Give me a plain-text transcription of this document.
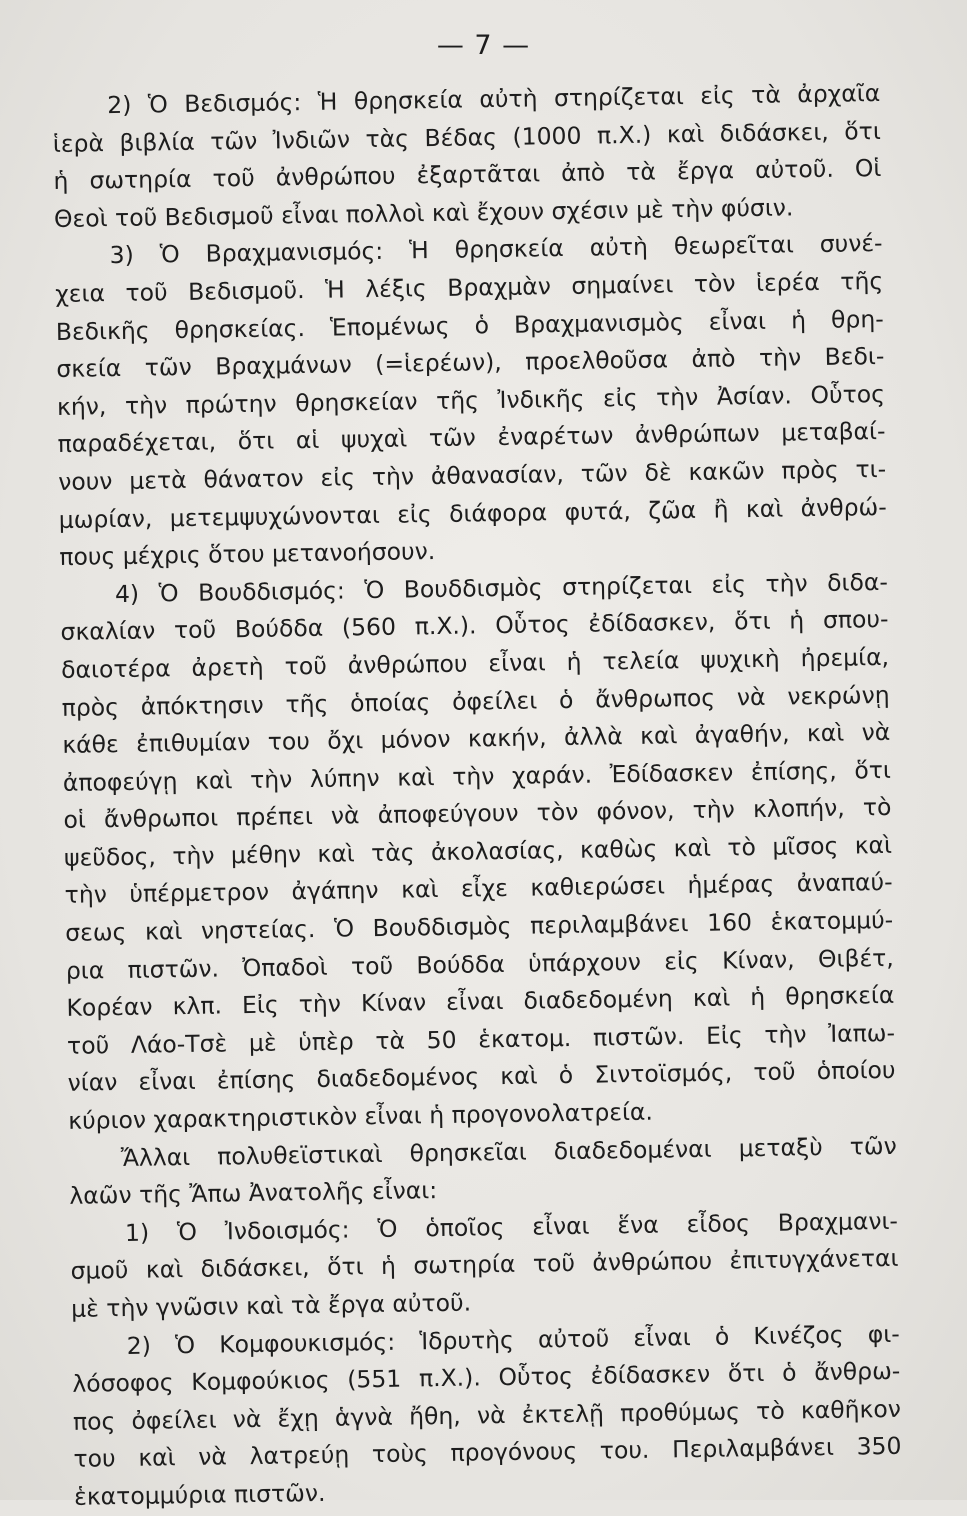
— 7 —
2) Ὁ Βεδισμός: Ἡ θρησκεία αὐτὴ στηρίζεται εἰς τὰ ἀρχαῖα
ἱερὰ βιβλία τῶν Ἰνδιῶν τὰς Βέδας (1000 π.Χ.) καὶ διδάσκει, ὅτι
ἡ σωτηρία τοῦ ἀνθρώπου ἐξαρτᾶται ἀπὸ τὰ ἔργα αὐτοῦ. Οἱ
Θεοὶ τοῦ Βεδισμοῦ εἶναι πολλοὶ καὶ ἔχουν σχέσιν μὲ τὴν φύσιν.
3) Ὁ Βραχμανισμός: Ἡ θρησκεία αὐτὴ θεωρεῖται συνέ-
χεια τοῦ Βεδισμοῦ. Ἡ λέξις Βραχμὰν σημαίνει τὸν ἱερέα τῆς
Βεδικῆς θρησκείας. Ἑπομένως ὁ Βραχμανισμὸς εἶναι ἡ θρη-
σκεία τῶν Βραχμάνων (=ἱερέων), προελθοῦσα ἀπὸ τὴν Βεδι-
κήν, τὴν πρώτην θρησκείαν τῆς Ἰνδικῆς εἰς τὴν Ἀσίαν. Οὗτος
παραδέχεται, ὅτι αἱ ψυχαὶ τῶν ἐναρέτων ἀνθρώπων μεταβαί-
νουν μετὰ θάνατον εἰς τὴν ἀθανασίαν, τῶν δὲ κακῶν πρὸς τι-
μωρίαν, μετεμψυχώνονται εἰς διάφορα φυτά, ζῶα ἢ καὶ ἀνθρώ-
πους μέχρις ὅτου μετανοήσουν.
4) Ὁ Βουδδισμός: Ὁ Βουδδισμὸς στηρίζεται εἰς τὴν διδα-
σκαλίαν τοῦ Βούδδα (560 π.Χ.). Οὗτος ἐδίδασκεν, ὅτι ἡ σπου-
δαιοτέρα ἀρετὴ τοῦ ἀνθρώπου εἶναι ἡ τελεία ψυχικὴ ἠρεμία,
πρὸς ἀπόκτησιν τῆς ὁποίας ὀφείλει ὁ ἄνθρωπος νὰ νεκρώνῃ
κάθε ἐπιθυμίαν του ὄχι μόνον κακήν, ἀλλὰ καὶ ἀγαθήν, καὶ νὰ
ἀποφεύγῃ καὶ τὴν λύπην καὶ τὴν χαράν. Ἐδίδασκεν ἐπίσης, ὅτι
οἱ ἄνθρωποι πρέπει νὰ ἀποφεύγουν τὸν φόνον, τὴν κλοπήν, τὸ
ψεῦδος, τὴν μέθην καὶ τὰς ἀκολασίας, καθὼς καὶ τὸ μῖσος καὶ
τὴν ὑπέρμετρον ἀγάπην καὶ εἶχε καθιερώσει ἡμέρας ἀναπαύ-
σεως καὶ νηστείας. Ὁ Βουδδισμὸς περιλαμβάνει 160 ἑκατομμύ-
ρια πιστῶν. Ὀπαδοὶ τοῦ Βούδδα ὑπάρχουν εἰς Κίναν, Θιβέτ,
Κορέαν κλπ. Εἰς τὴν Κίναν εἶναι διαδεδομένη καὶ ἡ θρησκεία
τοῦ Λάο-Τσὲ μὲ ὑπὲρ τὰ 50 ἑκατομ. πιστῶν. Εἰς τὴν Ἰαπω-
νίαν εἶναι ἐπίσης διαδεδομένος καὶ ὁ Σιντοϊσμός, τοῦ ὁποίου
κύριον χαρακτηριστικὸν εἶναι ἡ προγονολατρεία.
Ἄλλαι πολυθεϊστικαὶ θρησκεῖαι διαδεδομέναι μεταξὺ τῶν
λαῶν τῆς Ἄπω Ἀνατολῆς εἶναι:
1) Ὁ Ἰνδοισμός: Ὁ ὁποῖος εἶναι ἕνα εἶδος Βραχμανι-
σμοῦ καὶ διδάσκει, ὅτι ἡ σωτηρία τοῦ ἀνθρώπου ἐπιτυγχάνεται
μὲ τὴν γνῶσιν καὶ τὰ ἔργα αὐτοῦ.
2) Ὁ Κομφουκισμός: Ἱδρυτὴς αὐτοῦ εἶναι ὁ Κινέζος φι-
λόσοφος Κομφούκιος (551 π.Χ.). Οὗτος ἐδίδασκεν ὅτι ὁ ἄνθρω-
πος ὀφείλει νὰ ἔχῃ ἁγνὰ ἤθη, νὰ ἐκτελῇ προθύμως τὸ καθῆκον
του καὶ νὰ λατρεύῃ τοὺς προγόνους του. Περιλαμβάνει 350
ἑκατομμύρια πιστῶν.
